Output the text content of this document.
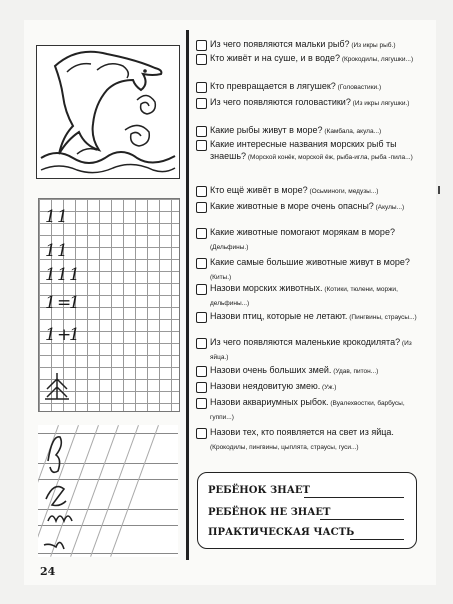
1 1
1 1
1 1 1
1 =
1
1 +
1
Из чего появляются мальки рыб? (Из икры рыб.)
Кто живёт и на суше, и в воде? (Крокодилы, лягушки...)
Кто превращается в лягушек? (Головастики.)
Из чего появляются головастики? (Из икры лягушки.)
Какие рыбы живут в море? (Камбала, акула...)
Какие интересные названия морских рыб ты знаешь? (Морской конёк, морской ёж, рыба-игла, рыба -пила...)
Кто ещё живёт в море? (Осьминоги, медузы...)
Какие животные в море очень опасны? (Акулы...)
Какие животные помогают морякам в море? (Дельфины.)
Какие самые большие животные живут в море? (Киты.)
Назови морских животных. (Котики, тюлени, моржи, дельфины...)
Назови птиц, которые не летают. (Пингвины, страусы...)
Из чего появляются маленькие крокодилята? (Из яйца.)
Назови очень больших змей. (Удав, питон...)
Назови неядовитую змею. (Уж.)
Назови аквариумных рыбок. (Вуалехвостки, барбусы, гуппи...)
Назови тех, кто появляется на свет из яйца. (Крокодилы, пингвины, цыплята, страусы, гуси...)
РЕБЁНОК ЗНАЕТ
РЕБЁНОК НЕ ЗНАЕТ
ПРАКТИЧЕСКАЯ ЧАСТЬ
24
